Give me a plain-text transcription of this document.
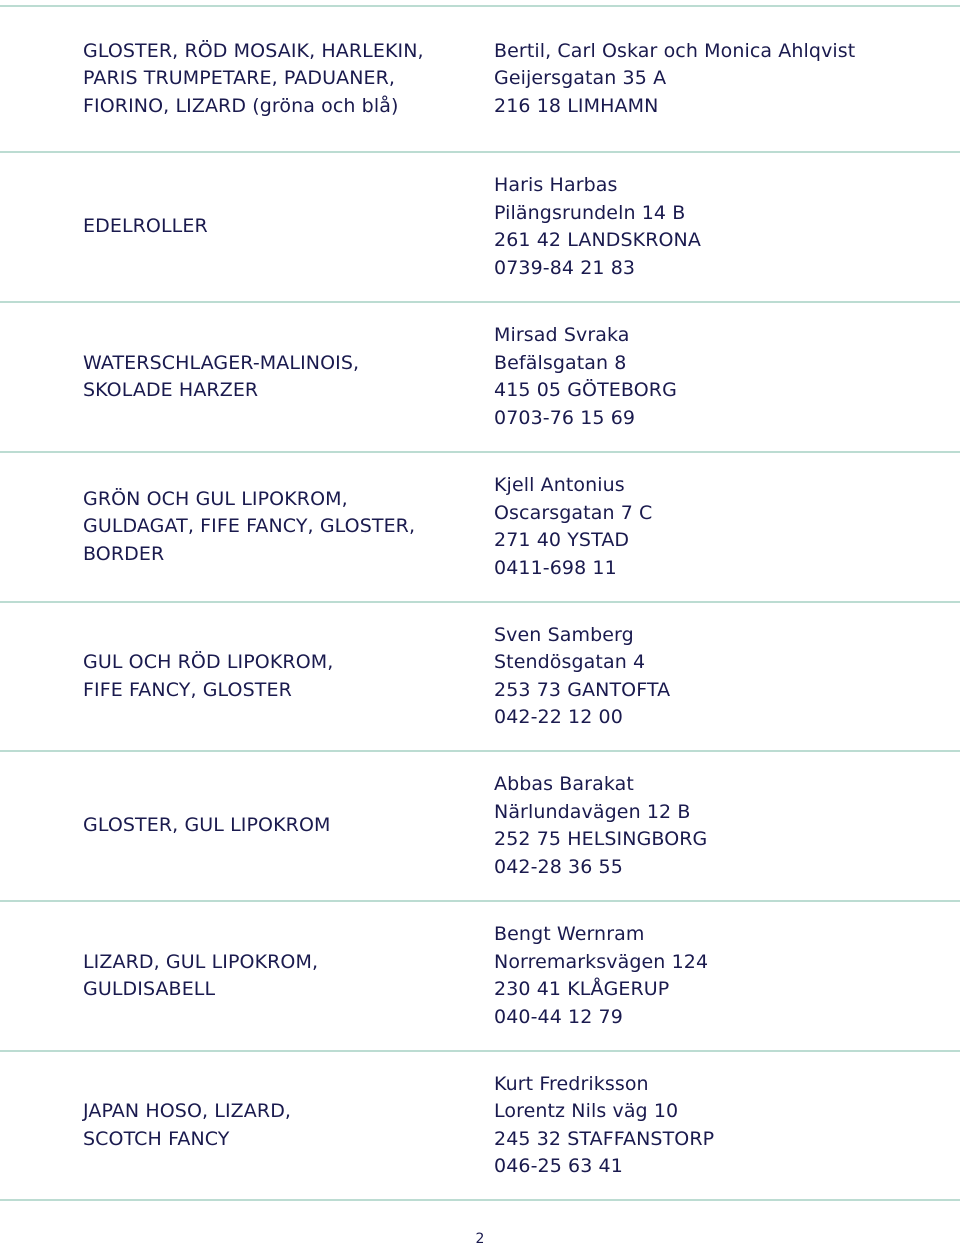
GLOSTER, RÖD MOSAIK, HARLEKIN,
PARIS TRUMPETARE, PADUANER,
FIORINO, LIZARD (gröna och blå)
Bertil, Carl Oskar och Monica Ahlqvist
Geijersgatan 35 A
216 18 LIMHAMN
EDELROLLER
Haris Harbas
Pilängsrundeln 14 B
261 42 LANDSKRONA
0739-84 21 83
WATERSCHLAGER-MALINOIS,
SKOLADE HARZER
Mirsad Svraka
Befälsgatan 8
415 05 GÖTEBORG
0703-76 15 69
GRÖN OCH GUL LIPOKROM,
GULDAGAT, FIFE FANCY, GLOSTER,
BORDER
Kjell Antonius
Oscarsgatan 7 C
271 40 YSTAD
0411-698 11
GUL OCH RÖD LIPOKROM,
FIFE FANCY, GLOSTER
Sven Samberg
Stendösgatan 4
253 73 GANTOFTA
042-22 12 00
GLOSTER, GUL LIPOKROM
Abbas Barakat
Närlundavägen 12 B
252 75 HELSINGBORG
042-28 36 55
LIZARD, GUL LIPOKROM,
GULDISABELL
Bengt Wernram
Norremarksvägen 124
230 41 KLÅGERUP
040-44 12 79
JAPAN HOSO, LIZARD,
SCOTCH FANCY
Kurt Fredriksson
Lorentz Nils väg 10
245 32 STAFFANSTORP
046-25 63 41
2
